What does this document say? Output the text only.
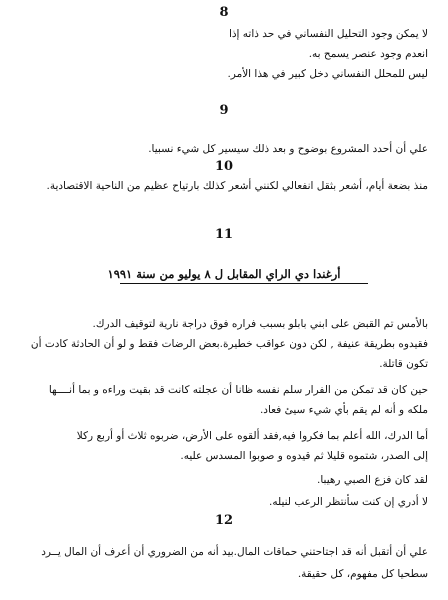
8
لا يمكن وجود التحليل النفساني في حد ذاته إذا
انعدم وجود عنصر يسمح به.
ليس للمحلل النفساني دخل كبير في هذا الأمر.
9
علي أن أحدد المشروع بوضوح و بعد ذلك سيسير كل شيء نسبيا.
10
منذ بضعة أيام، أشعر بثقل انفعالي لكنني أشعر كذلك بارتياح عظيم من الناحية الاقتصادية.
11
أرغندا دي الراي المقابل ل ٨ يوليو من سنة ١٩٩١
بالأمس تم القبض على ابني بابلو بسبب فراره فوق دراجة نارية لتوقيف الدرك.
فقيدوه بطريقة عنيفة , لكن دون عواقب خطيرة.بعض الرضات فقط و لو أن الحادثة كادت أن
تكون قاتلة.
حين كان قد تمكن من الفرار سلم نفسه ظانا أن عجلته كانت قد بقيت وراءه و بما أنــــها
ملكه و أنه لم يقم بأي شيء سيئ فعاد.
أما الدرك، الله أعلم بما فكروا فيه,فقد ألقوه على الأرض، ضربوه ثلاث أو أربع ركلا
إلى الصدر، شتموه قليلا ثم قيدوه و صوبوا المسدس عليه.
لقد كان فزع الصبي رهيبا.
لا أدري إن كنت سأنتظر الرعب لنيله.
12
علي أن أتقبل أنه قد اجتاحتني حماقات المال.بيد أنه من الضروري أن أعرف أن المال يــرد
سطحيا كل مفهوم، كل حقيقة.
